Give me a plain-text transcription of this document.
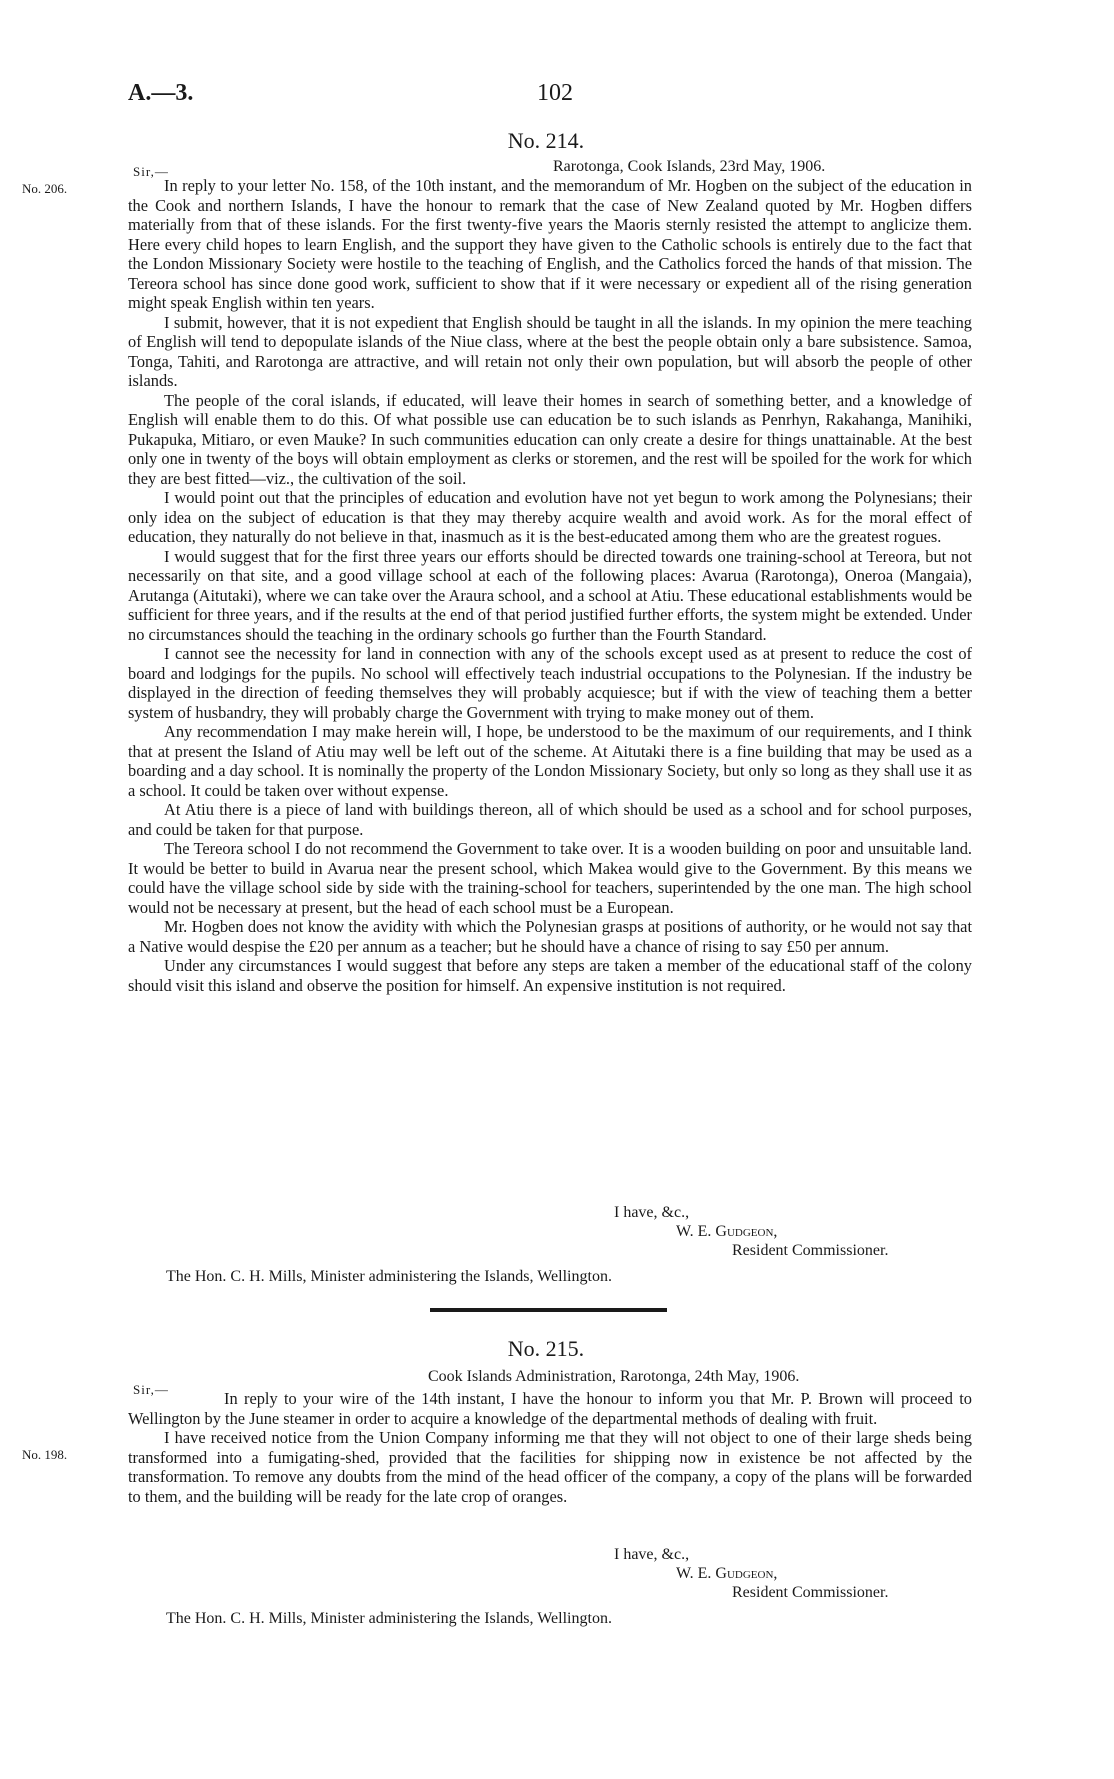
A.—3.	102
No. 214.
Sir,—	Rarotonga, Cook Islands, 23rd May, 1906.
No. 206.	In reply to your letter No. 158, of the 10th instant, and the memorandum of Mr. Hogben on the subject of the education in the Cook and northern Islands, I have the honour to remark that the case of New Zealand quoted by Mr. Hogben differs materially from that of these islands. For the first twenty-five years the Maoris sternly resisted the attempt to anglicize them. Here every child hopes to learn English, and the support they have given to the Catholic schools is entirely due to the fact that the London Missionary Society were hostile to the teaching of English, and the Catholics forced the hands of that mission. The Tereora school has since done good work, sufficient to show that if it were necessary or expedient all of the rising generation might speak English within ten years.

I submit, however, that it is not expedient that English should be taught in all the islands. In my opinion the mere teaching of English will tend to depopulate islands of the Niue class, where at the best the people obtain only a bare subsistence. Samoa, Tonga, Tahiti, and Rarotonga are attractive, and will retain not only their own population, but will absorb the people of other islands.

The people of the coral islands, if educated, will leave their homes in search of something better, and a knowledge of English will enable them to do this. Of what possible use can education be to such islands as Penrhyn, Rakahanga, Manihiki, Pukapuka, Mitiaro, or even Mauke? In such communities education can only create a desire for things unattainable. At the best only one in twenty of the boys will obtain employment as clerks or storemen, and the rest will be spoiled for the work for which they are best fitted—viz., the cultivation of the soil.

I would point out that the principles of education and evolution have not yet begun to work among the Polynesians; their only idea on the subject of education is that they may thereby acquire wealth and avoid work. As for the moral effect of education, they naturally do not believe in that, inasmuch as it is the best-educated among them who are the greatest rogues.

I would suggest that for the first three years our efforts should be directed towards one training-school at Tereora, but not necessarily on that site, and a good village school at each of the following places: Avarua (Rarotonga), Oneroa (Mangaia), Arutanga (Aitutaki), where we can take over the Araura school, and a school at Atiu. These educational establishments would be sufficient for three years, and if the results at the end of that period justified further efforts, the system might be extended. Under no circumstances should the teaching in the ordinary schools go further than the Fourth Standard.

I cannot see the necessity for land in connection with any of the schools except used as at present to reduce the cost of board and lodgings for the pupils. No school will effectively teach industrial occupations to the Polynesian. If the industry be displayed in the direction of feeding themselves they will probably acquiesce; but if with the view of teaching them a better system of husbandry, they will probably charge the Government with trying to make money out of them.

Any recommendation I may make herein will, I hope, be understood to be the maximum of our requirements, and I think that at present the Island of Atiu may well be left out of the scheme. At Aitutaki there is a fine building that may be used as a boarding and a day school. It is nominally the property of the London Missionary Society, but only so long as they shall use it as a school. It could be taken over without expense.

At Atiu there is a piece of land with buildings thereon, all of which should be used as a school and for school purposes, and could be taken for that purpose.

The Tereora school I do not recommend the Government to take over. It is a wooden building on poor and unsuitable land. It would be better to build in Avarua near the present school, which Makea would give to the Government. By this means we could have the village school side by side with the training-school for teachers, superintended by the one man. The high school would not be necessary at present, but the head of each school must be a European.

Mr. Hogben does not know the avidity with which the Polynesian grasps at positions of authority, or he would not say that a Native would despise the £20 per annum as a teacher; but he should have a chance of rising to say £50 per annum.

Under any circumstances I would suggest that before any steps are taken a member of the educational staff of the colony should visit this island and observe the position for himself. An expensive institution is not required.

I have, &c.,
W. E. Gudgeon,
Resident Commissioner.
The Hon. C. H. Mills, Minister administering the Islands, Wellington.
No. 215.
Cook Islands Administration, Rarotonga, 24th May, 1906.
Sir,—
No. 198.

In reply to your wire of the 14th instant, I have the honour to inform you that Mr. P. Brown will proceed to Wellington by the June steamer in order to acquire a knowledge of the departmental methods of dealing with fruit.

I have received notice from the Union Company informing me that they will not object to one of their large sheds being transformed into a fumigating-shed, provided that the facilities for shipping now in existence be not affected by the transformation. To remove any doubts from the mind of the head officer of the company, a copy of the plans will be forwarded to them, and the building will be ready for the late crop of oranges.

I have, &c.,
W. E. Gudgeon,
Resident Commissioner.
The Hon. C. H. Mills, Minister administering the Islands, Wellington.
